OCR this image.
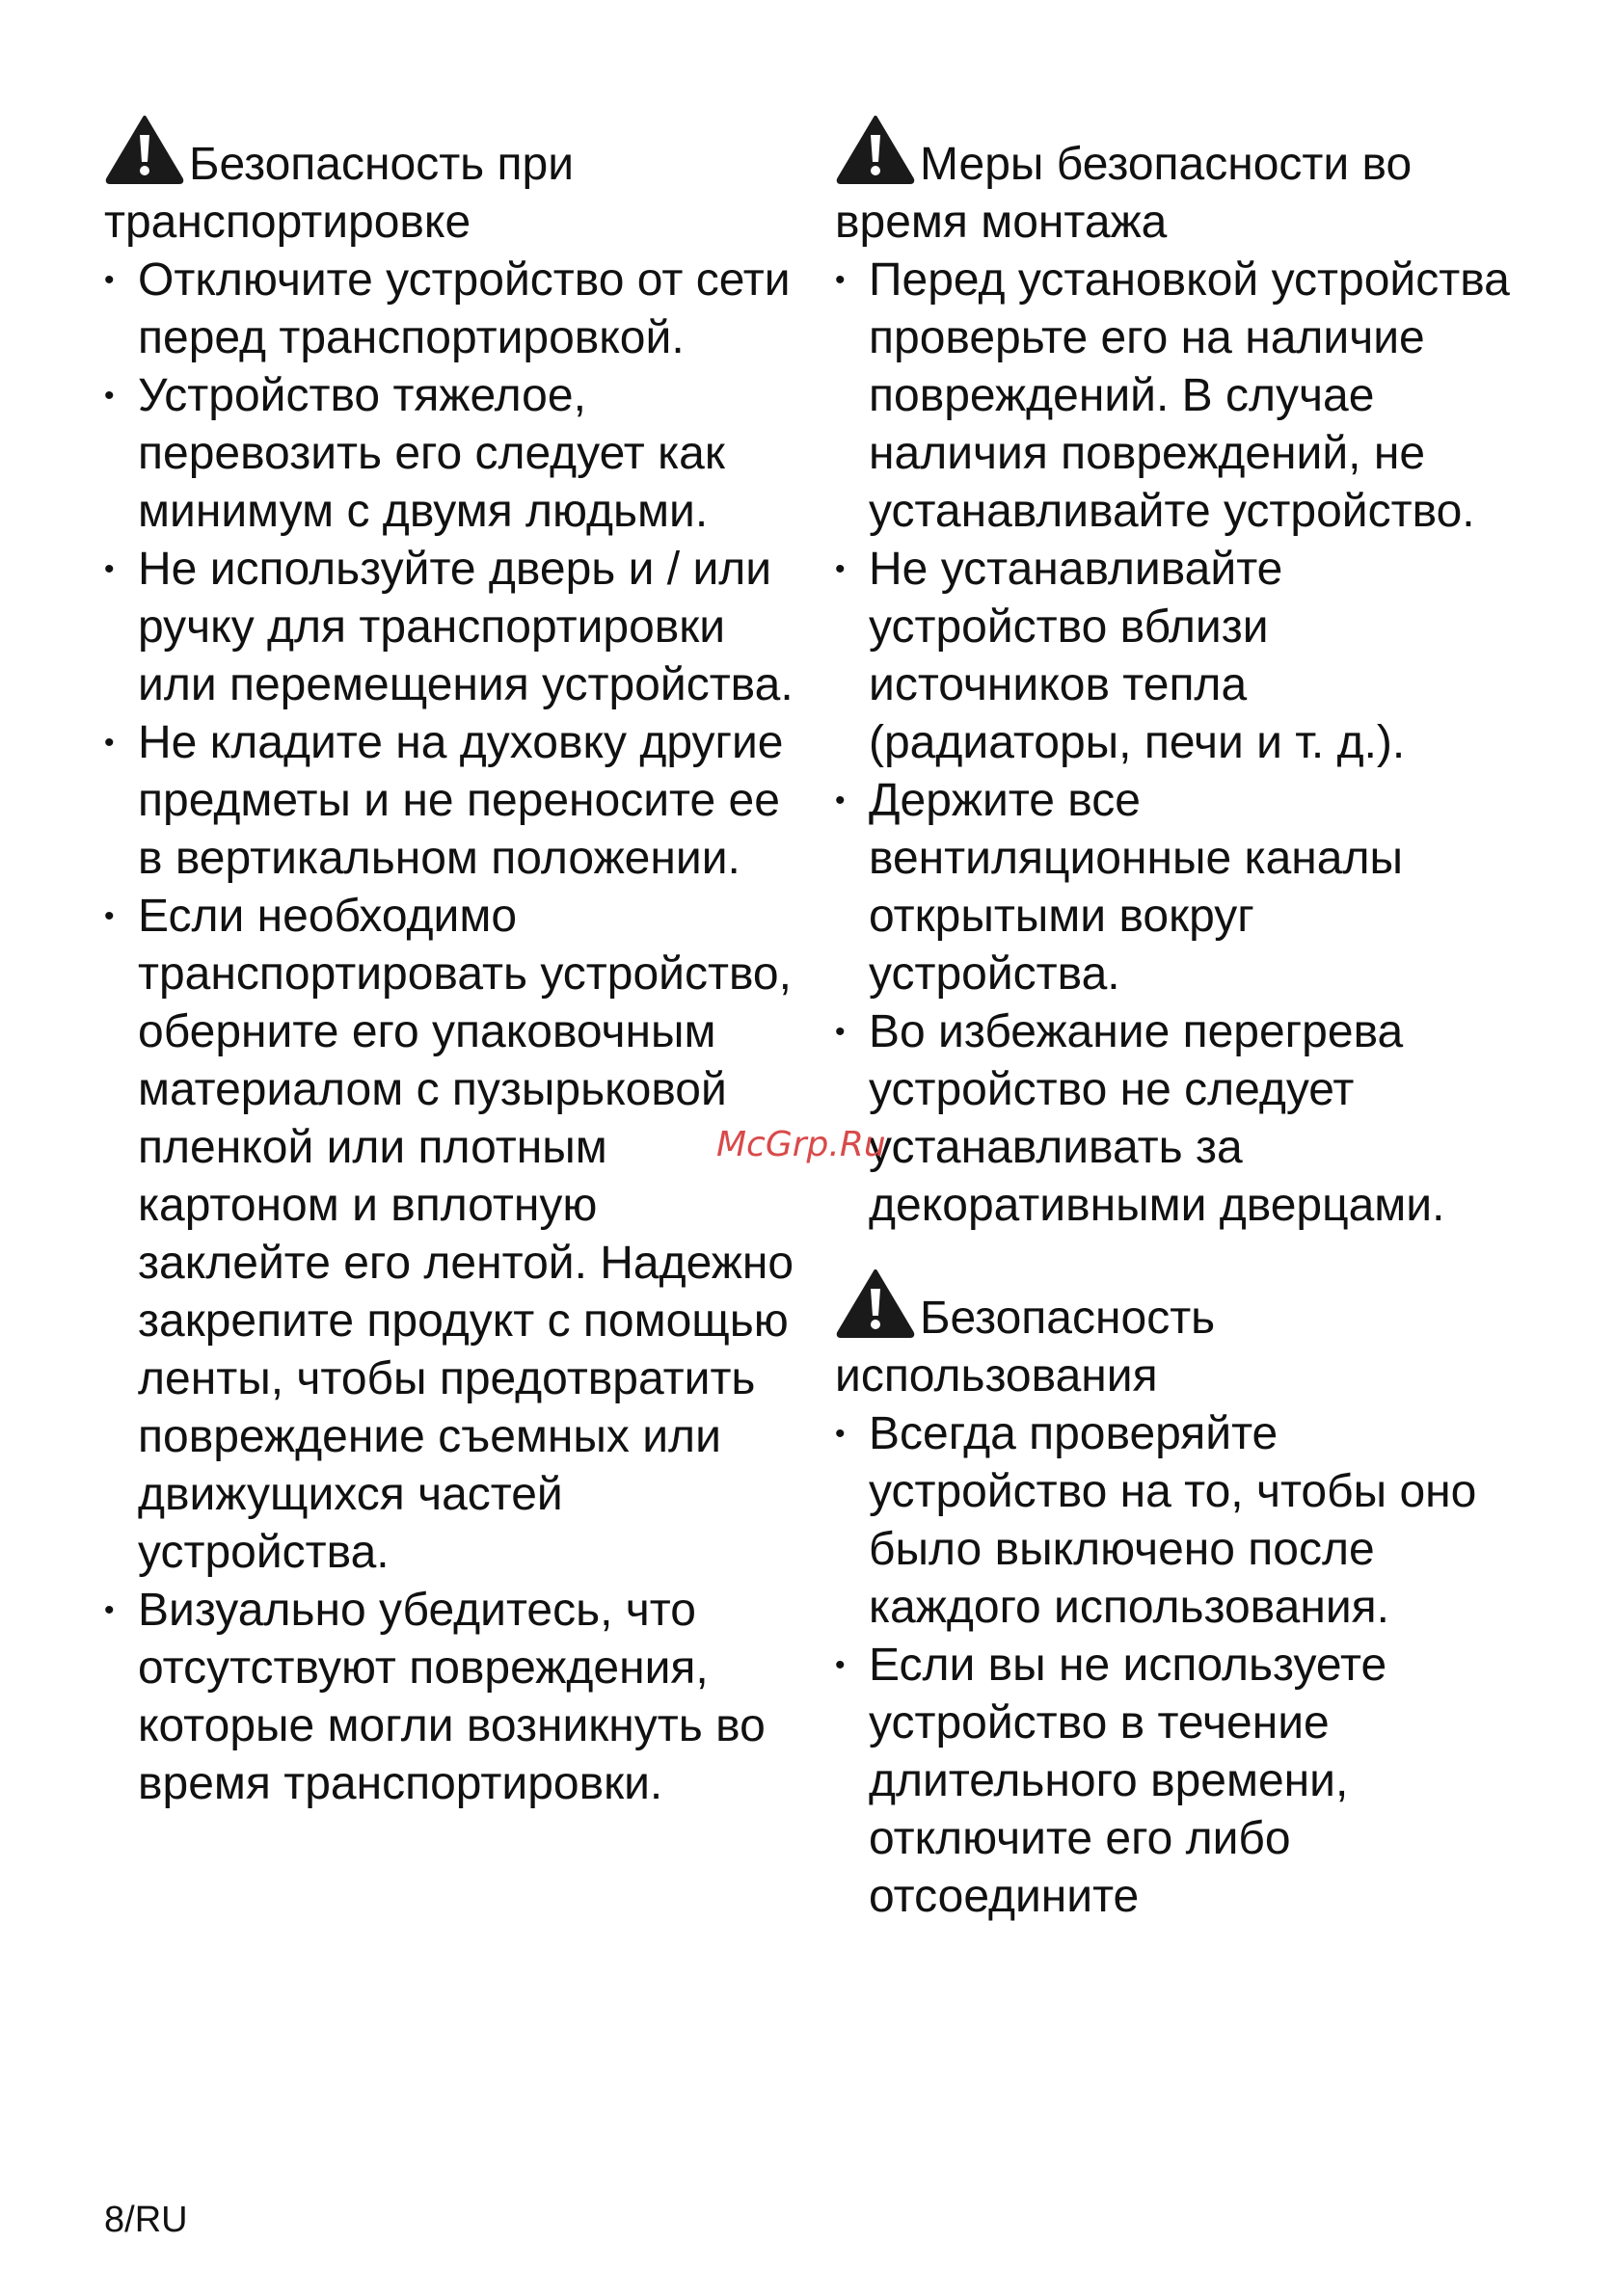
Безопасность при транспортировке
• Отключите устройство от сети перед транспортировкой.
• Устройство тяжелое, перевозить его следует как минимум с двумя людьми.
• Не используйте дверь и / или ручку для транспортировки или перемещения устройства.
• Не кладите на духовку другие предметы и не переносите ее в вертикальном положении.
• Если необходимо транспортировать устройство, оберните его упаковочным материалом с пузырьковой пленкой или плотным картоном и вплотную заклейте его лентой. Надежно закрепите продукт с помощью ленты, чтобы предотвратить повреждение съемных или движущихся частей устройства.
• Визуально убедитесь, что отсутствуют повреждения, которые могли возникнуть во время транспортировки.
Меры безопасности во время монтажа
• Перед установкой устройства проверьте его на наличие повреждений. В случае наличия повреждений, не устанавливайте устройство.
• Не устанавливайте устройство вблизи источников тепла (радиаторы, печи и т. д.).
• Держите все вентиляционные каналы открытыми вокруг устройства.
• Во избежание перегрева устройство не следует устанавливать за декоративными дверцами.
Безопасность использования
• Всегда проверяйте устройство на то, чтобы оно было выключено после каждого использования.
• Если вы не используете устройство в течение длительного времени, отключите его либо отсоедините
McGrp.Ru
8/RU
